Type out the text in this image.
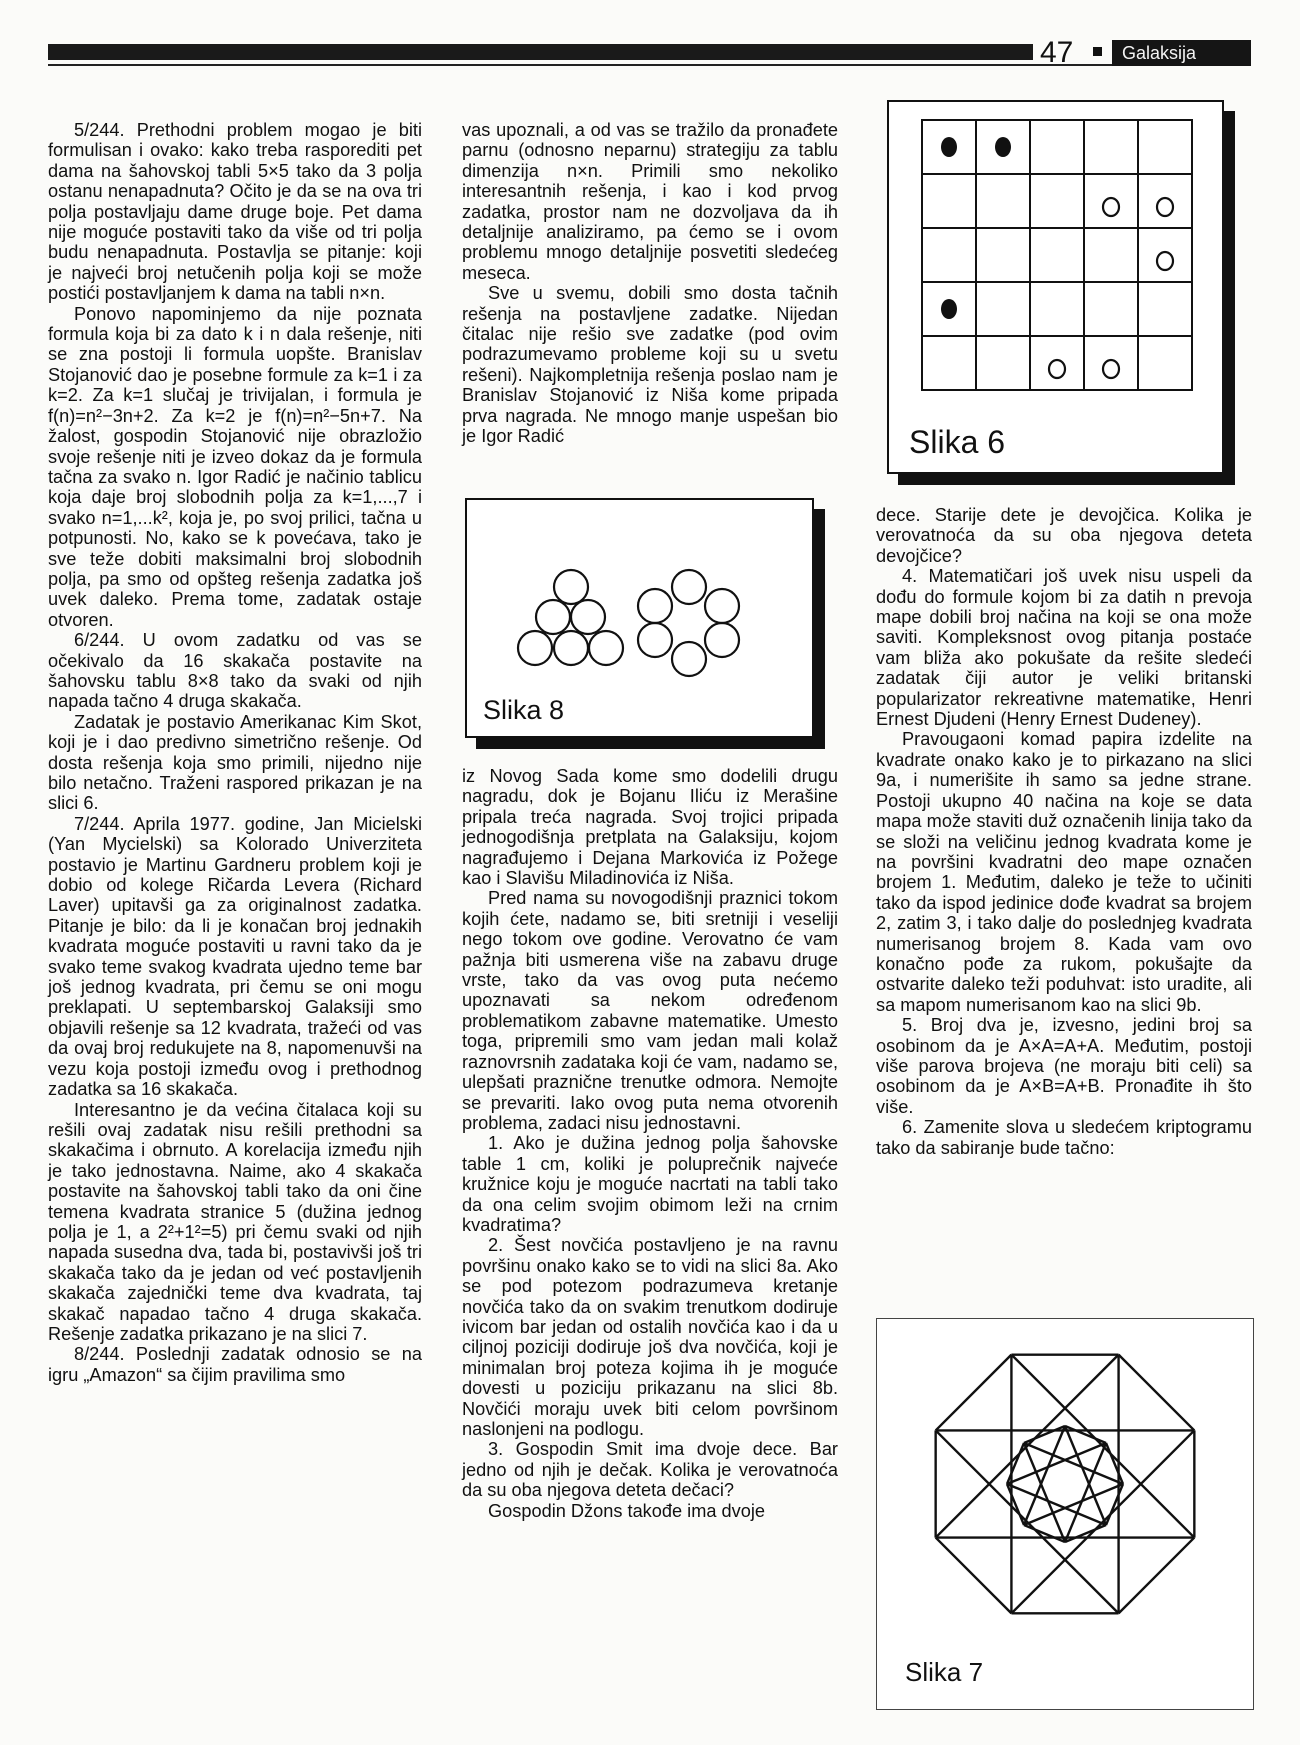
47	Galaksija

5/244. Prethodni problem mogao je biti formulisan i ovako: kako treba rasporediti pet dama na šahovskoj tabli 5×5 tako da 3 polja ostanu nenapadnuta? Očito je da se na ova tri polja postavljaju dame druge boje. Pet dama nije moguće postaviti tako da više od tri polja budu nenapadnuta. Postavlja se pitanje: koji je najveći broj netučenih polja koji se može postići postavljanjem k dama na tabli n×n.

Ponovo napominjemo da nije poznata formula koja bi za dato k i n dala rešenje, niti se zna postoji li formula uopšte. Branislav Stojanović dao je posebne formule za k=1 i za k=2. Za k=1 slučaj je trivijalan, i formula je f(n)=n²−3n+2. Za k=2 je f(n)=n²−5n+7. Na žalost, gospodin Stojanović nije obrazložio svoje rešenje niti je izveo dokaz da je formula tačna za svako n. Igor Radić je načinio tablicu koja daje broj slobodnih polja za k=1,...,7 i svako n=1,...k², koja je, po svoj prilici, tačna u potpunosti. No, kako se k povećava, tako je sve teže dobiti maksimalni broj slobodnih polja, pa smo od opšteg rešenja zadatka još uvek daleko. Prema tome, zadatak ostaje otvoren.

6/244. U ovom zadatku od vas se očekivalo da 16 skakača postavite na šahovsku tablu 8×8 tako da svaki od njih napada tačno 4 druga skakača.

Zadatak je postavio Amerikanac Kim Skot, koji je i dao predivno simetrično rešenje. Od dosta rešenja koja smo primili, nijedno nije bilo netačno. Traženi raspored prikazan je na slici 6.

7/244. Aprila 1977. godine, Jan Micielski (Yan Mycielski) sa Kolorado Univerziteta postavio je Martinu Gardneru problem koji je dobio od kolege Ričarda Levera (Richard Laver) upitavši ga za originalnost zadatka. Pitanje je bilo: da li je konačan broj jednakih kvadrata moguće postaviti u ravni tako da je svako teme svakog kvadrata ujedno teme bar još jednog kvadrata, pri čemu se oni mogu preklapati. U septembarskoj Galaksiji smo objavili rešenje sa 12 kvadrata, tražeći od vas da ovaj broj redukujete na 8, napomenuvši na vezu koja postoji između ovog i prethodnog zadatka sa 16 skakača.

Interesantno je da većina čitalaca koji su rešili ovaj zadatak nisu rešili prethodni sa skakačima i obrnuto. A korelacija između njih je tako jednostavna. Naime, ako 4 skakača postavite na šahovskoj tabli tako da oni čine temena kvadrata stranice 5 (dužina jednog polja je 1, a 2²+1²=5) pri čemu svaki od njih napada susedna dva, tada bi, postavivši još tri skakača tako da je jedan od već postavljenih skakača zajednički teme dva kvadrata, taj skakač napadao tačno 4 druga skakača. Rešenje zadatka prikazano je na slici 7.

8/244. Poslednji zadatak odnosio se na igru „Amazon“ sa čijim pravilima smo

vas upoznali, a od vas se tražilo da pronađete parnu (odnosno neparnu) strategiju za tablu dimenzija n×n. Primili smo nekoliko interesantnih rešenja, i kao i kod prvog zadatka, prostor nam ne dozvoljava da ih detaljnije analiziramo, pa ćemo se i ovom problemu mnogo detaljnije posvetiti sledećeg meseca.

Sve u svemu, dobili smo dosta tačnih rešenja na postavljene zadatke. Nijedan čitalac nije rešio sve zadatke (pod ovim podrazumevamo probleme koji su u svetu rešeni). Najkompletnija rešenja poslao nam je Branislav Stojanović iz Niša kome pripada prva nagrada. Ne mnogo manje uspešan bio je Igor Radić

Slika 8

iz Novog Sada kome smo dodelili drugu nagradu, dok je Bojanu Iliću iz Merašine pripala treća nagrada. Svoj trojici pripada jednogodišnja pretplata na Galaksiju, kojom nagrađujemo i Dejana Markovića iz Požege kao i Slavišu Miladinovića iz Niša.

Pred nama su novogodišnji praznici tokom kojih ćete, nadamo se, biti sretniji i veseliji nego tokom ove godine. Verovatno će vam pažnja biti usmerena više na zabavu druge vrste, tako da vas ovog puta nećemo upoznavati sa nekom određenom problematikom zabavne matematike. Umesto toga, pripremili smo vam jedan mali kolaž raznovrsnih zadataka koji će vam, nadamo se, ulepšati praznične trenutke odmora. Nemojte se prevariti. Iako ovog puta nema otvorenih problema, zadaci nisu jednostavni.

1. Ako je dužina jednog polja šahovske table 1 cm, koliki je poluprečnik najveće kružnice koju je moguće nacrtati na tabli tako da ona celim svojim obimom leži na crnim kvadratima?

2. Šest novčića postavljeno je na ravnu površinu onako kako se to vidi na slici 8a. Ako se pod potezom podrazumeva kretanje novčića tako da on svakim trenutkom dodiruje ivicom bar jedan od ostalih novčića kao i da u ciljnoj poziciji dodiruje još dva novčića, koji je minimalan broj poteza kojima ih je moguće dovesti u poziciju prikazanu na slici 8b. Novčići moraju uvek biti celom površinom naslonjeni na podlogu.

3. Gospodin Smit ima dvoje dece. Bar jedno od njih je dečak. Kolika je verovatnoća da su oba njegova deteta dečaci?

Gospodin Džons takođe ima dvoje

Slika 6

dece. Starije dete je devojčica. Kolika je verovatnoća da su oba njegova deteta devojčice?

4. Matematičari još uvek nisu uspeli da dođu do formule kojom bi za datih n prevoja mape dobili broj načina na koji se ona može saviti. Kompleksnost ovog pitanja postaće vam bliža ako pokušate da rešite sledeći zadatak čiji autor je veliki britanski popularizator rekreativne matematike, Henri Ernest Djudeni (Henry Ernest Dudeney).

Pravougaoni komad papira izdelite na kvadrate onako kako je to pirkazano na slici 9a, i numerišite ih samo sa jedne strane. Postoji ukupno 40 načina na koje se data mapa može staviti duž označenih linija tako da se složi na veličinu jednog kvadrata kome je na površini kvadratni deo mape označen brojem 1. Međutim, daleko je teže to učiniti tako da ispod jedinice dođe kvadrat sa brojem 2, zatim 3, i tako dalje do poslednjeg kvadrata numerisanog brojem 8. Kada vam ovo konačno pođe za rukom, pokušajte da ostvarite daleko teži poduhvat: isto uradite, ali sa mapom numerisanom kao na slici 9b.

5. Broj dva je, izvesno, jedini broj sa osobinom da je A×A=A+A. Međutim, postoji više parova brojeva (ne moraju biti celi) sa osobinom da je A×B=A+B. Pronađite ih što više.

6. Zamenite slova u sledećem kriptogramu tako da sabiranje bude tačno:

Slika 7
